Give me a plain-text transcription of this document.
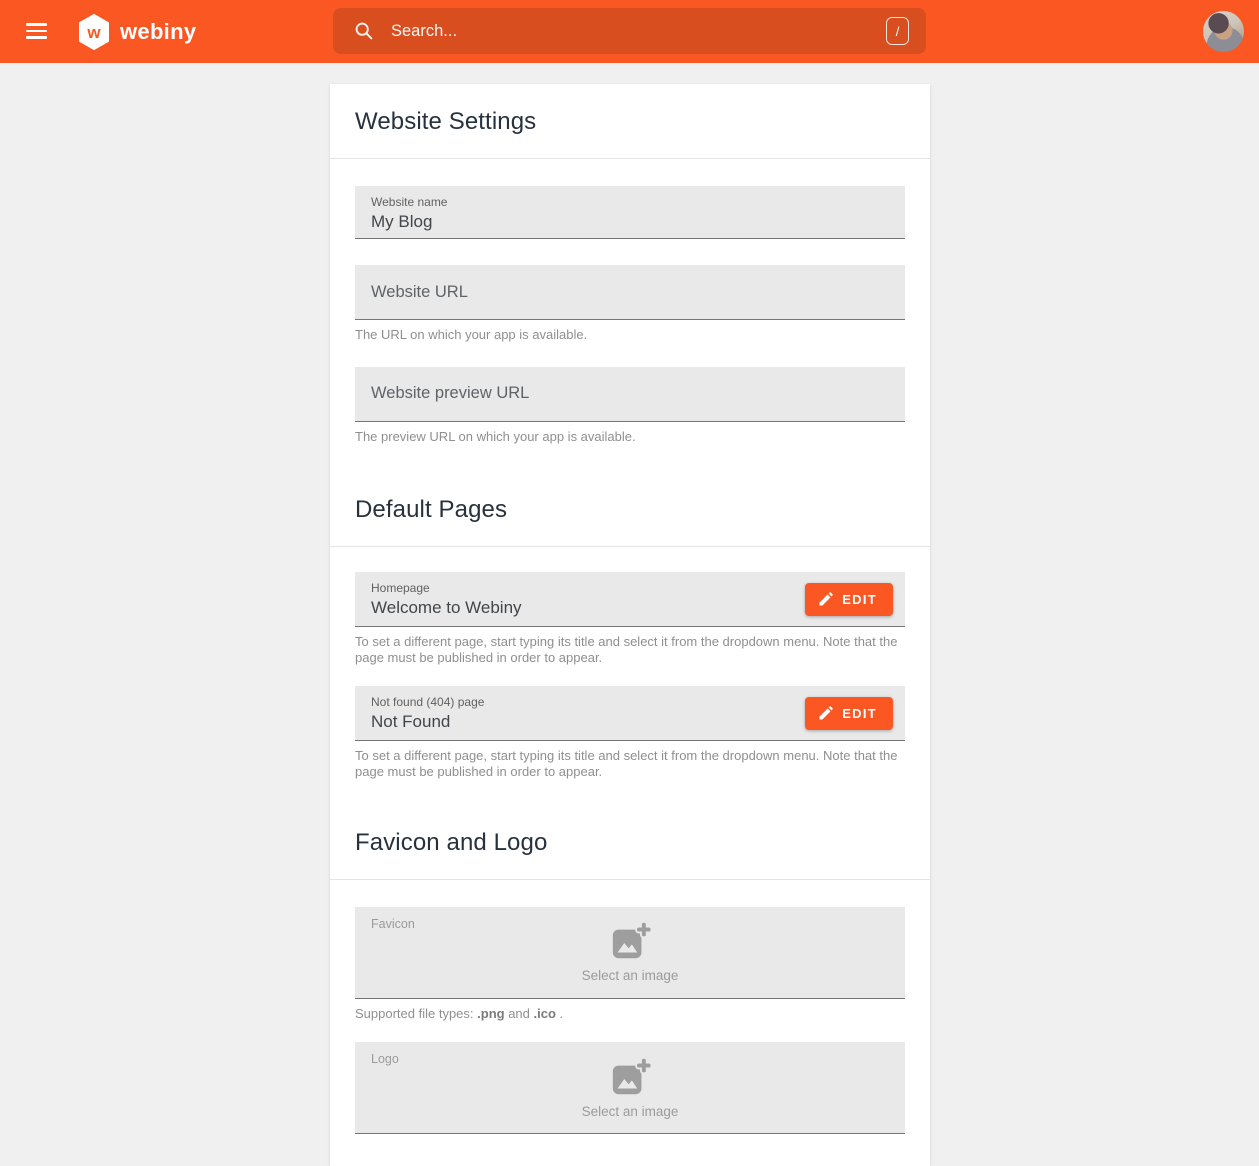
w webiny
Search...	/
Website Settings
Website name
My Blog
Website URL
The URL on which your app is available.
Website preview URL
The preview URL on which your app is available.
Default Pages
Homepage
Welcome to Webiny	EDIT
To set a different page, start typing its title and select it from the dropdown menu. Note that the page must be published in order to appear.
Not found (404) page
Not Found	EDIT
To set a different page, start typing its title and select it from the dropdown menu. Note that the page must be published in order to appear.
Favicon and Logo
Favicon
Select an image
Supported file types: .png and .ico .
Logo
Select an image
